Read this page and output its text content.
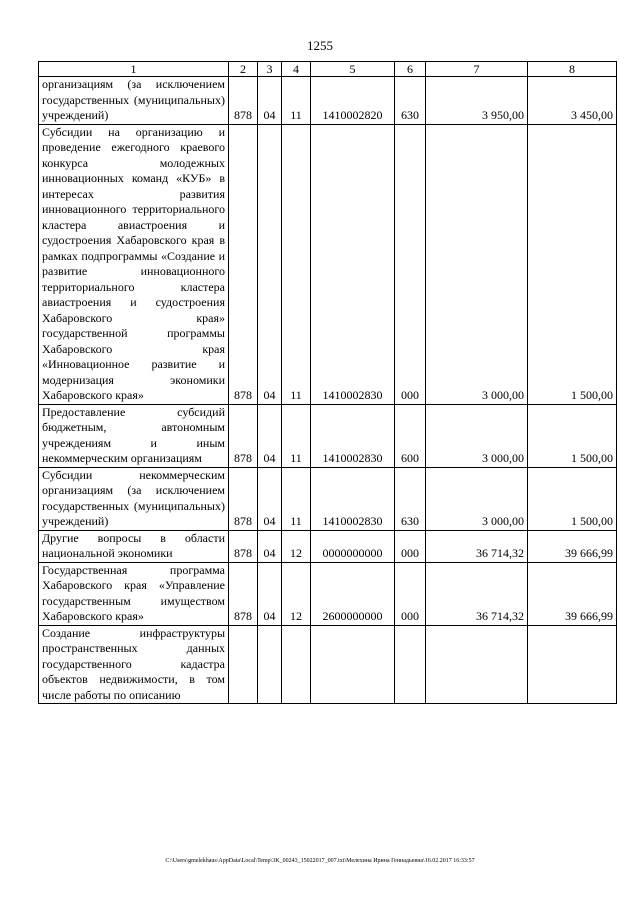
1255
1	2	3	4	5	6	7	8
организациям (за исключением государственных (муниципальных) учреждений)	878	04	11	1410002820	630	3 950,00	3 450,00
Субсидии на организацию и проведение ежегодного краевого конкурса молодежных инновационных команд «КУБ» в интересах развития инновационного территориального кластера авиастроения и судостроения Хабаровского края в рамках подпрограммы «Создание и развитие инновационного территориального кластера авиастроения и судостроения Хабаровского края» государственной программы Хабаровского края «Инновационное развитие и модернизация экономики Хабаровского края»	878	04	11	1410002830	000	3 000,00	1 500,00
Предоставление субсидий бюджетным, автономным учреждениям и иным некоммерческим организациям	878	04	11	1410002830	600	3 000,00	1 500,00
Субсидии некоммерческим организациям (за исключением государственных (муниципальных) учреждений)	878	04	11	1410002830	630	3 000,00	1 500,00
Другие вопросы в области национальной экономики	878	04	12	0000000000	000	36 714,32	39 666,99
Государственная программа Хабаровского края «Управление государственным имуществом Хабаровского края»	878	04	12	2600000000	000	36 714,32	39 666,99
Создание инфраструктуры пространственных данных государственного кадастра объектов недвижимости, в том числе работы по описанию							
C:\Users\gmelekhaus\AppData\Local\Temp\3K_00243_15022017_007.txt\Мелехина Ирина Геннадьевна\16.02.2017 16:33:57
